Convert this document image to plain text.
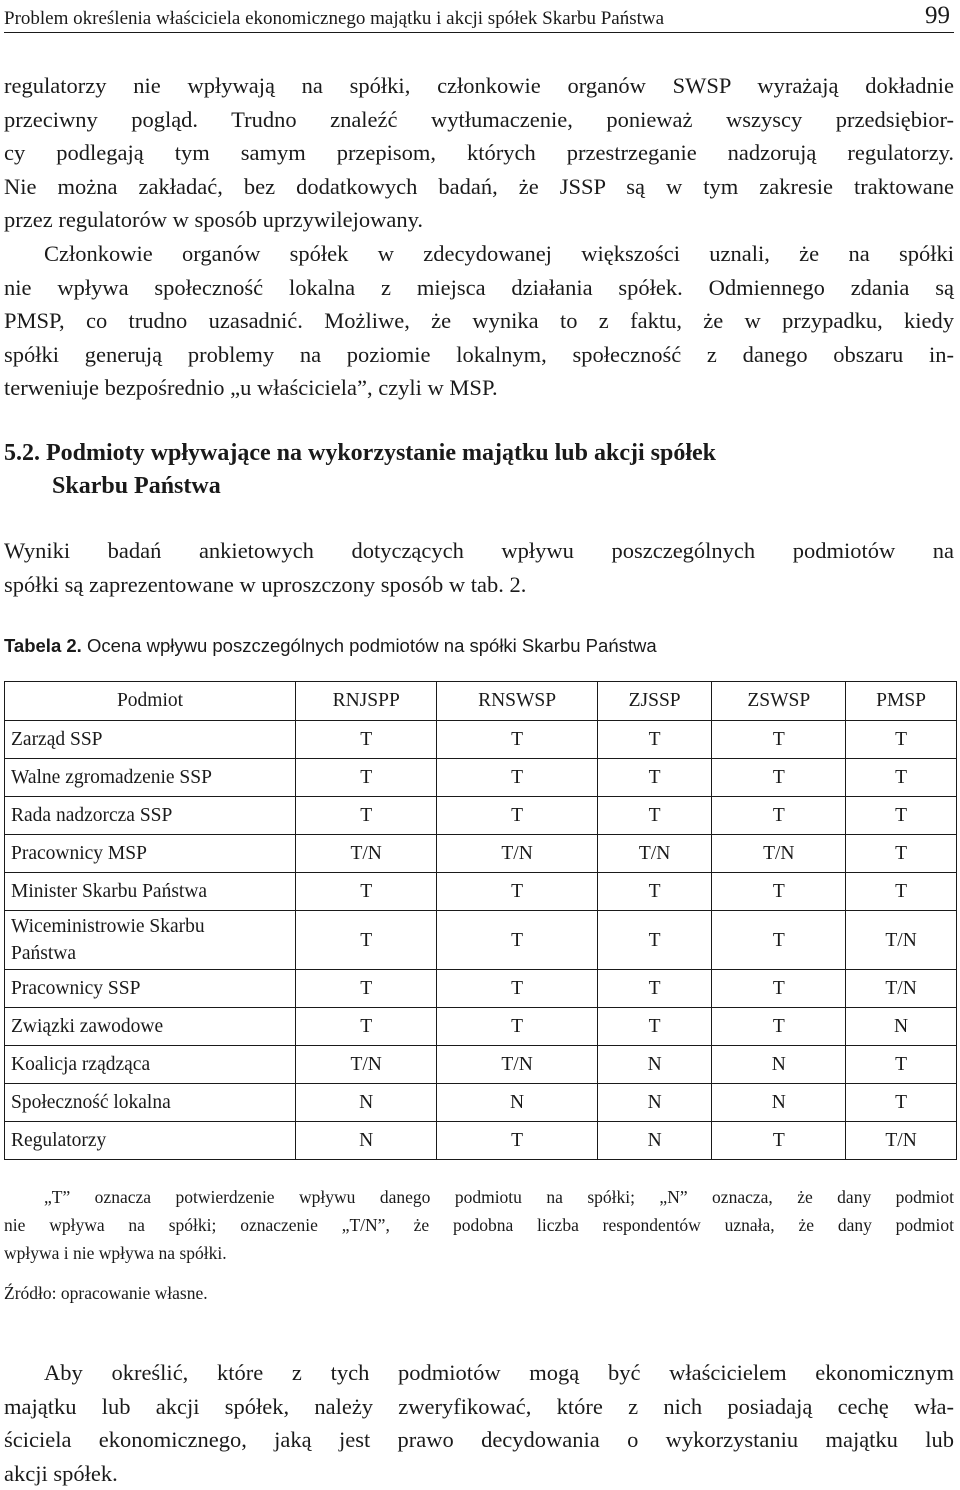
Problem określenia właściciela ekonomicznego majątku i akcji spółek Skarbu Państwa	99
regulatorzy nie wpływają na spółki, członkowie organów SWSP wyrażają dokładnie
przeciwny pogląd. Trudno znaleźć wytłumaczenie, ponieważ wszyscy przedsiębior-
cy podlegają tym samym przepisom, których przestrzeganie nadzorują regulatorzy.
Nie można zakładać, bez dodatkowych badań, że JSSP są w tym zakresie traktowane
przez regulatorów w sposób uprzywilejowany.
Członkowie organów spółek w zdecydowanej większości uznali, że na spółki
nie wpływa społeczność lokalna z miejsca działania spółek. Odmiennego zdania są
PMSP, co trudno uzasadnić. Możliwe, że wynika to z faktu, że w przypadku, kiedy
spółki generują problemy na poziomie lokalnym, społeczność z danego obszaru in-
terweniuje bezpośrednio „u właściciela”, czyli w MSP.
5.2. Podmioty wpływające na wykorzystanie majątku lub akcji spółek
Skarbu Państwa
Wyniki badań ankietowych dotyczących wpływu poszczególnych podmiotów na
spółki są zaprezentowane w uproszczony sposób w tab. 2.
Tabela 2. Ocena wpływu poszczególnych podmiotów na spółki Skarbu Państwa
Podmiot	RNJSPP	RNSWSP	ZJSSP	ZSWSP	PMSP
Zarząd SSP	T	T	T	T	T
Walne zgromadzenie SSP	T	T	T	T	T
Rada nadzorcza SSP	T	T	T	T	T
Pracownicy MSP	T/N	T/N	T/N	T/N	T
Minister Skarbu Państwa	T	T	T	T	T
Wiceministrowie Skarbu
Państwa	T	T	T	T	T/N
Pracownicy SSP	T	T	T	T	T/N
Związki zawodowe	T	T	T	T	N
Koalicja rządząca	T/N	T/N	N	N	T
Społeczność lokalna	N	N	N	N	T
Regulatorzy	N	T	N	T	T/N
„T” oznacza potwierdzenie wpływu danego podmiotu na spółki; „N” oznacza, że dany podmiot
nie wpływa na spółki; oznaczenie „T/N”, że podobna liczba respondentów uznała, że dany podmiot
wpływa i nie wpływa na spółki.
Źródło: opracowanie własne.
Aby określić, które z tych podmiotów mogą być właścicielem ekonomicznym
majątku lub akcji spółek, należy zweryfikować, które z nich posiadają cechę wła-
ściciela ekonomicznego, jaką jest prawo decydowania o wykorzystaniu majątku lub
akcji spółek.
